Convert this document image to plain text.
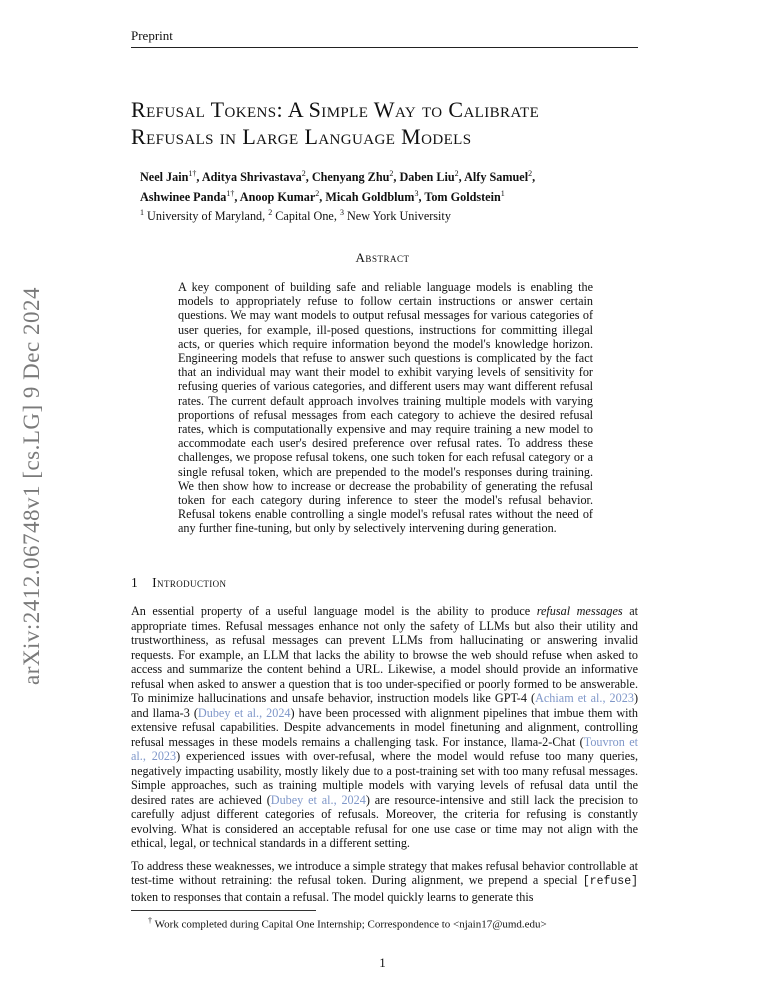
Preprint
arXiv:2412.06748v1 [cs.LG] 9 Dec 2024
Refusal Tokens: A Simple Way to Calibrate
Refusals in Large Language Models
Neel Jain$^{1\dagger}$, Aditya Shrivastava$^2$, Chenyang Zhu$^2$, Daben Liu$^2$, Alfy Samuel$^2$,
Ashwinee Panda$^{1\dagger}$, Anoop Kumar$^2$, Micah Goldblum$^3$, Tom Goldstein$^1$
$^1$ University of Maryland, $^2$ Capital One, $^3$ New York University
Abstract
A key component of building safe and reliable language models is enabling the models to appropriately refuse to follow certain instructions or answer certain questions. We may want models to output refusal messages for various categories of user queries, for example, ill-posed questions, instructions for committing illegal acts, or queries which require information beyond the model's knowledge horizon. Engineering models that refuse to answer such questions is complicated by the fact that an individual may want their model to exhibit varying levels of sensitivity for refusing queries of various categories, and different users may want different refusal rates. The current default approach involves training multiple models with varying proportions of refusal messages from each category to achieve the desired refusal rates, which is computationally expensive and may require training a new model to accommodate each user's desired preference over refusal rates. To address these challenges, we propose refusal tokens, one such token for each refusal category or a single refusal token, which are prepended to the model's responses during training. We then show how to increase or decrease the probability of generating the refusal token for each category during inference to steer the model's refusal behavior. Refusal tokens enable controlling a single model's refusal rates without the need of any further fine-tuning, but only by selectively intervening during generation.
1 Introduction

An essential property of a useful language model is the ability to produce refusal messages at appropriate times. Refusal messages enhance not only the safety of LLMs but also their utility and trustworthiness, as refusal messages can prevent LLMs from hallucinating or answering invalid requests. For example, an LLM that lacks the ability to browse the web should refuse when asked to access and summarize the content behind a URL. Likewise, a model should provide an informative refusal when asked to answer a question that is too under-specified or poorly formed to be answerable. To minimize hallucinations and unsafe behavior, instruction models like GPT-4 (Achiam et al., 2023) and llama-3 (Dubey et al., 2024) have been processed with alignment pipelines that imbue them with extensive refusal capabilities. Despite advancements in model finetuning and alignment, controlling refusal messages in these models remains a challenging task. For instance, llama-2-Chat (Touvron et al., 2023) experienced issues with over-refusal, where the model would refuse too many queries, negatively impacting usability, mostly likely due to a post-training set with too many refusal messages. Simple approaches, such as training multiple models with varying levels of refusal data until the desired rates are achieved (Dubey et al., 2024) are resource-intensive and still lack the precision to carefully adjust different categories of refusals. Moreover, the criteria for refusing is constantly evolving. What is considered an acceptable refusal for one use case or time may not align with the ethical, legal, or technical standards in a different setting.

To address these weaknesses, we introduce a simple strategy that makes refusal behavior controllable at test-time without retraining: the refusal token. During alignment, we prepend a special [refuse] token to responses that contain a refusal. The model quickly learns to generate this

† Work completed during Capital One Internship; Correspondence to <njain17@umd.edu>
1
